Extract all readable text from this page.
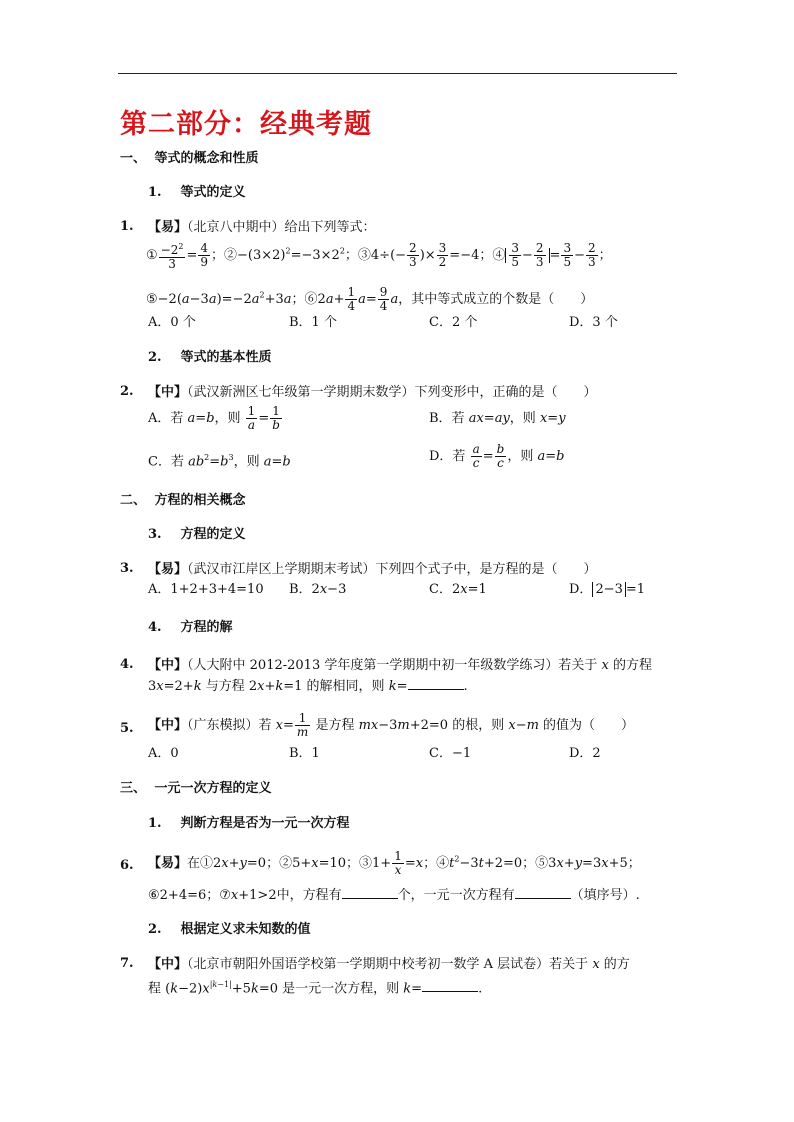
第二部分：经典考题
一、 等式的概念和性质
1. 等式的定义
1. 【易】（北京八中期中）给出下列等式：
① $\frac{-2^2}{3} = \frac{4}{9}$ ；$②-(3\times 2)^2=-3\times 2^2$；③4÷(− $\frac{2}{3}$ )× $\frac{3}{2} =-4$；④ $\frac{3}{5} - \frac{2}{3} = \frac{3}{5} - \frac{2}{3}$ ；
$⑤-2(a-3a)=-2a^2+3a$；⑥2a+ $\frac{1}{4} a= \frac{9}{4}$ a，其中等式成立的个数是（　　）
A．0 个	B．1 个	C．2 个	D．3 个
2. 等式的基本性质
2. 【中】（武汉新洲区七年级第一学期期末数学）下列变形中，正确的是（　　）
A．若 a=b，则 $\frac{1}{a} = \frac{1}{b}$	B．若 ax=ay，则 x=y
C．若 $ab^2=b^3$，则 a=b	D．若 $\frac{a}{c} = \frac{b}{c}$ ，则 a=b
二、 方程的相关概念
3. 方程的定义
3. 【易】（武汉市江岸区上学期期末考试）下列四个式子中，是方程的是（　　）
A．1+2+3+4=10 B．2x−3	C．2x=1	D． 2−3 =1
4. 方程的解
4. 【中】（人大附中 2012-2013 学年度第一学期期中初一年级数学练习）若关于 x 的方程
3x=2+k 与方程 2x+k=1 的解相同，则 k=	.
5. 【中】（广东模拟）若 $x= \frac{1}{m}$ 是方程 mx−3m+2=0 的根，则 x−m 的值为（　　）
A．0	B．1	C．−1	D．2
三、 一元一次方程的定义
1. 判断方程是否为一元一次方程
6. 【易】在①2x+y=0；②5+x=10；③1+ $\frac{1}{x} =x$；$④t^2-3t+2=0$；⑤3x+y=3x+5；
⑥2+4=6；⑦x+1>2中，方程有	个，一元一次方程有	（填序号）.
2. 根据定义求未知数的值
7. 【中】（北京市朝阳外国语学校第一学期期中校考初一数学 A 层试卷）若关于 x 的方
程 $(k-2)x^{|k-1|}+5k=0$ 是一元一次方程，则 k=	.
